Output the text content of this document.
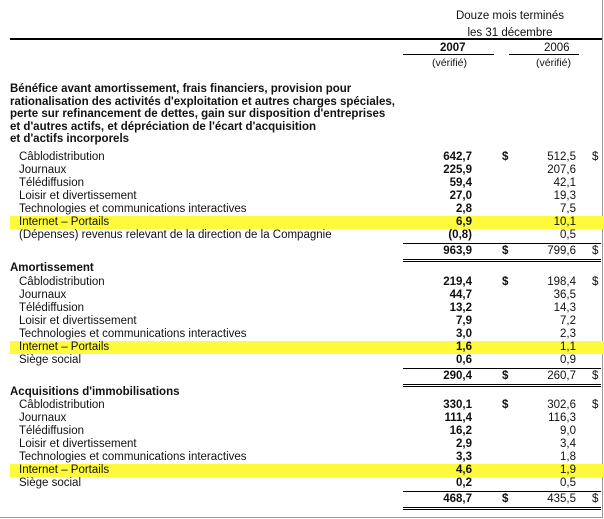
Douze mois terminés
les 31 décembre
2007	2006
(vérifié)	(vérifié)
Bénéfice avant amortissement, frais financiers, provision pour
rationalisation des activités d'exploitation et autres charges spéciales,
perte sur refinancement de dettes, gain sur disposition d'entreprises
et d'autres actifs, et dépréciation de l'écart d'acquisition
et d'actifs incorporels
Câblodistribution	642,7	$	512,5 $
Journaux	225,9	207,6
Télédiffusion	59,4	42,1
Loisir et divertissement	27,0	19,3
Technologies et communications interactives	2,8	7,5
Internet – Portails	6,9	10,1
(Dépenses) revenus relevant de la direction de la Compagnie	(0,8)	0,5
963,9	$	799,6 $
Amortissement
Câblodistribution	219,4	$	198,4 $
Journaux	44,7	36,5
Télédiffusion	13,2	14,3
Loisir et divertissement	7,9	7,2
Technologies et communications interactives	3,0	2,3
Internet – Portails	1,6	1,1
Siège social	0,6	0,9
290,4	$	260,7 $
Acquisitions d'immobilisations
Câblodistribution	330,1	$	302,6 $
Journaux	111,4	116,3
Télédiffusion	16,2	9,0
Loisir et divertissement	2,9	3,4
Technologies et communications interactives	3,3	1,8
Internet – Portails	4,6	1,9
Siège social	0,2	0,5
468,7	$	435,5 $
